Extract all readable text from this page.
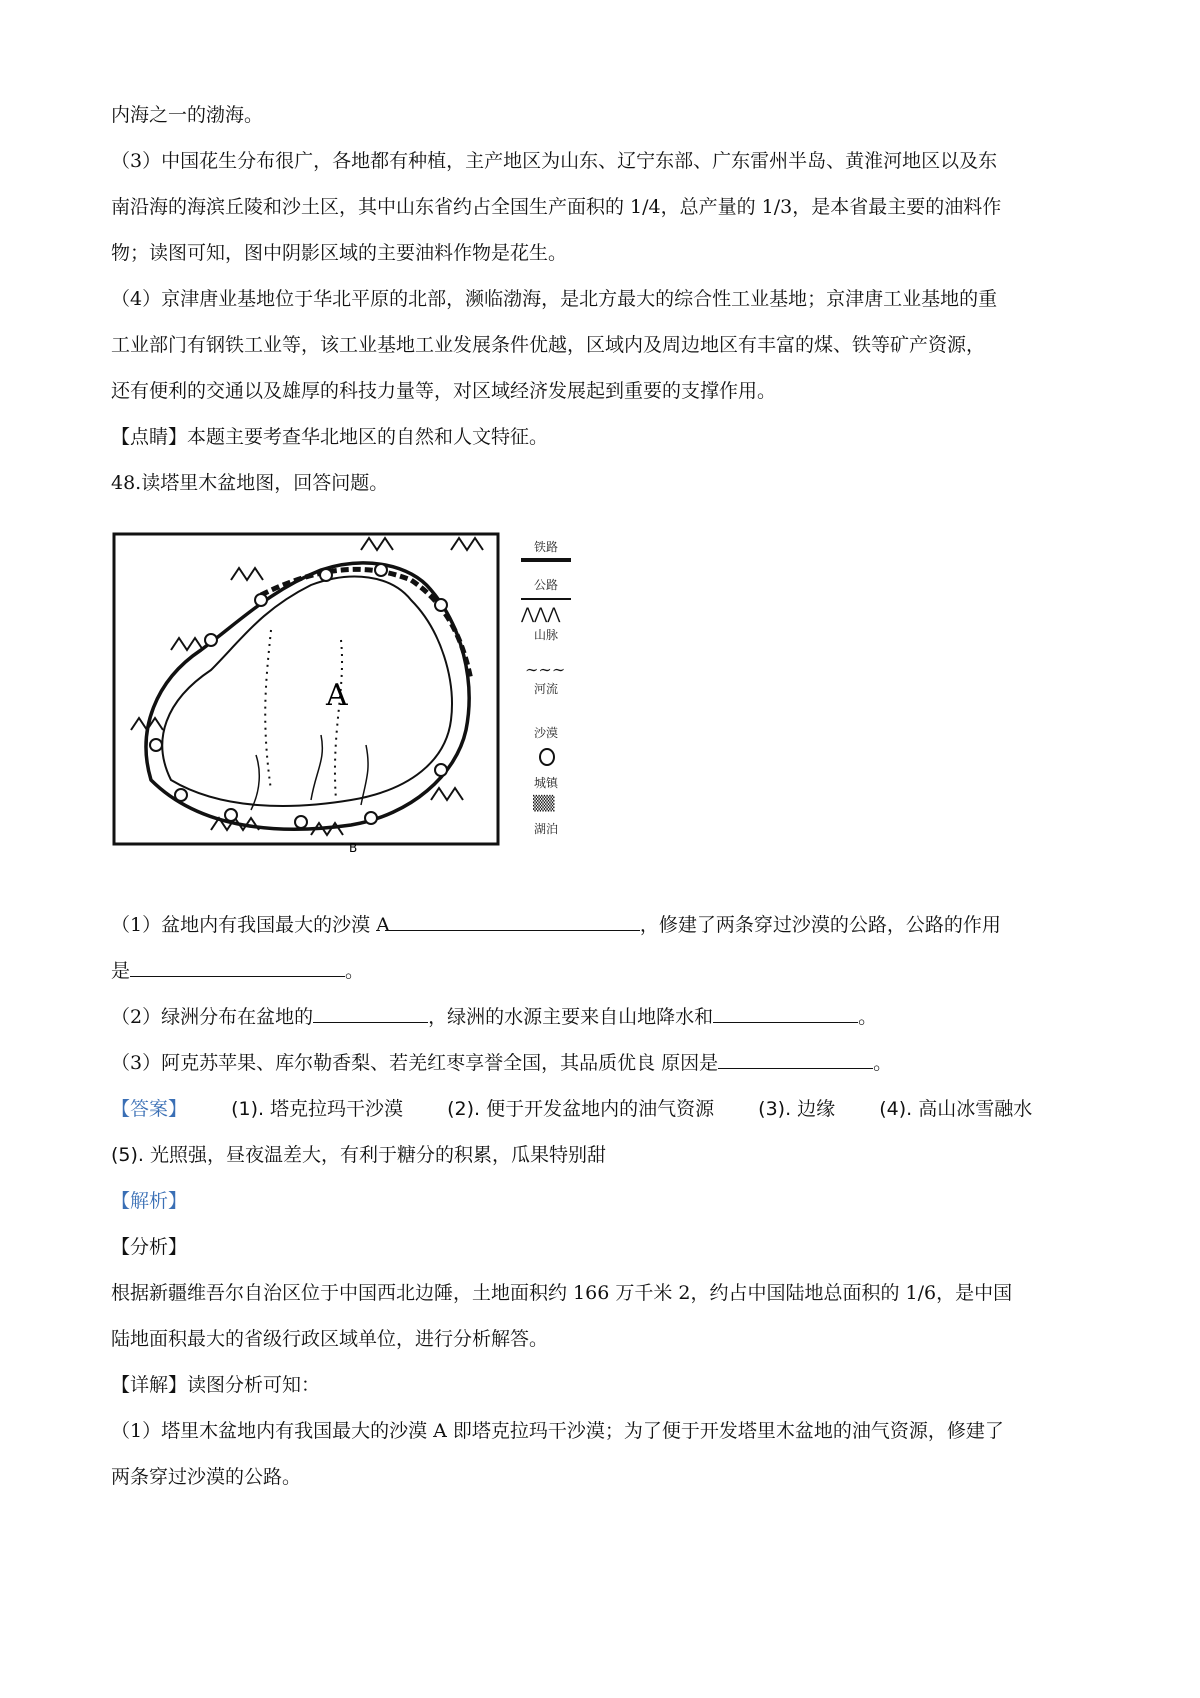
内海之一的渤海。
（3）中国花生分布很广，各地都有种植，主产地区为山东、辽宁东部、广东雷州半岛、黄淮河地区以及东
南沿海的海滨丘陵和沙土区，其中山东省约占全国生产面积的 1/4，总产量的 1/3，是本省最主要的油料作
物；读图可知，图中阴影区域的主要油料作物是花生。
（4）京津唐业基地位于华北平原的北部，濒临渤海，是北方最大的综合性工业基地；京津唐工业基地的重
工业部门有钢铁工业等，该工业基地工业发展条件优越，区域内及周边地区有丰富的煤、铁等矿产资源，
还有便利的交通以及雄厚的科技力量等，对区域经济发展起到重要的支撑作用。
【点睛】本题主要考查华北地区的自然和人文特征。
48.读塔里木盆地图，回答问题。
A
B
铁路
公路
山脉
⋀⋀⋀
河流
∼∼∼
沙漠
城镇
▒▒
湖泊
（1）盆地内有我国最大的沙漠 A	，修建了两条穿过沙漠的公路，公路的作用
是	。
（2）绿洲分布在盆地的	，绿洲的水源主要来自山地降水和	。
（3）阿克苏苹果、库尔勒香梨、若羌红枣享誉全国，其品质优良 原因是	。
【答案】 (1). 塔克拉玛干沙漠 (2). 便于开发盆地内的油气资源 (3). 边缘 (4). 高山冰雪融水
(5). 光照强，昼夜温差大，有利于糖分的积累，瓜果特别甜
【解析】
【分析】
根据新疆维吾尔自治区位于中国西北边陲，土地面积约 166 万千米 2，约占中国陆地总面积的 1/6，是中国
陆地面积最大的省级行政区域单位，进行分析解答。
【详解】读图分析可知：
（1）塔里木盆地内有我国最大的沙漠 A 即塔克拉玛干沙漠；为了便于开发塔里木盆地的油气资源，修建了
两条穿过沙漠的公路。
